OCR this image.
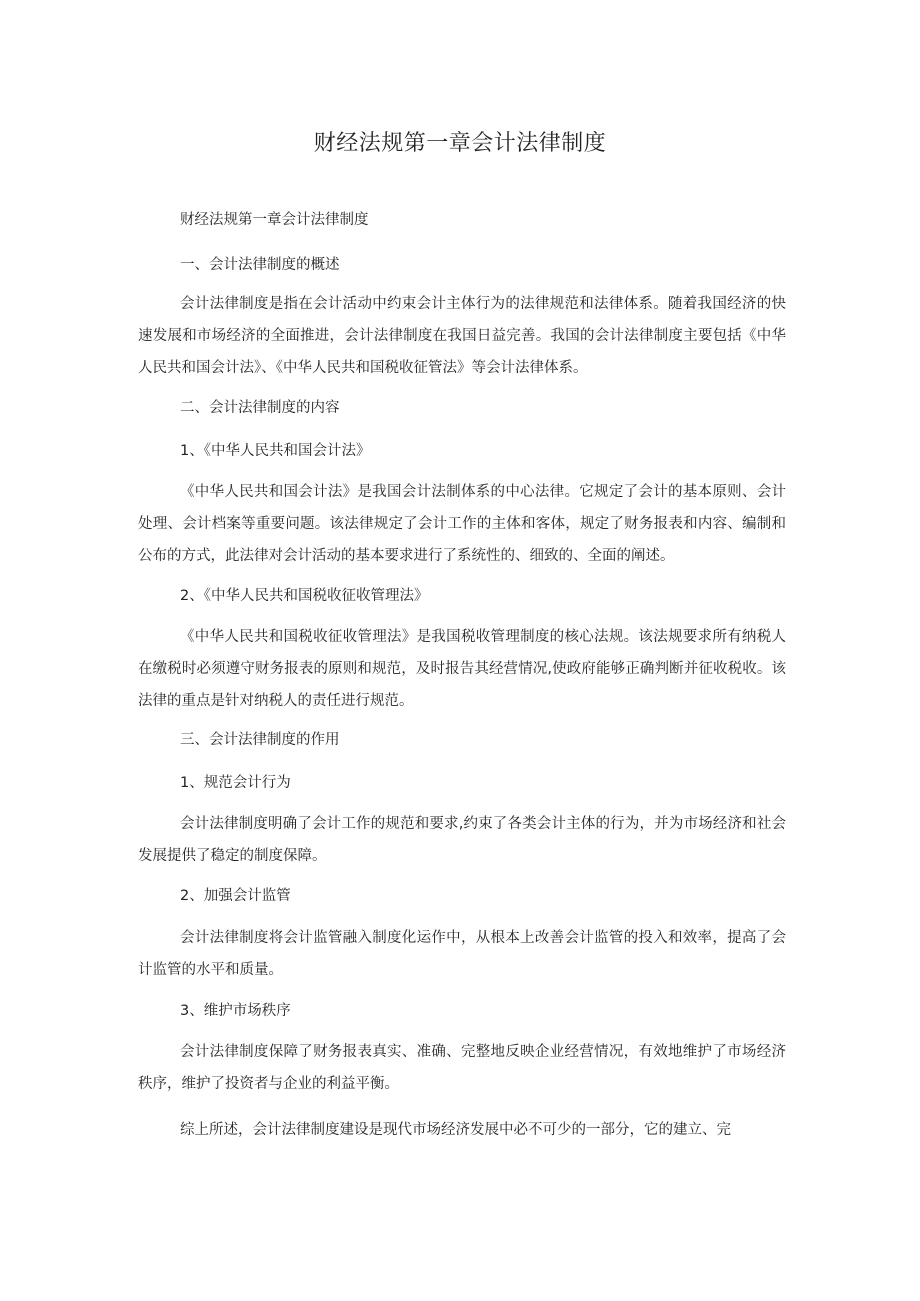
财经法规第一章会计法律制度
财经法规第一章会计法律制度
一、会计法律制度的概述

会计法律制度是指在会计活动中约束会计主体行为的法律规范和法律体系。随着我国经济的快速发展和市场经济的全面推进，会计法律制度在我国日益完善。我国的会计法律制度主要包括《中华人民共和国会计法》、《中华人民共和国税收征管法》等会计法律体系。

二、会计法律制度的内容
1、《中华人民共和国会计法》

《中华人民共和国会计法》是我国会计法制体系的中心法律。它规定了会计的基本原则、会计处理、会计档案等重要问题。该法律规定了会计工作的主体和客体，规定了财务报表和内容、编制和公布的方式，此法律对会计活动的基本要求进行了系统性的、细致的、全面的阐述。

2、《中华人民共和国税收征收管理法》

《中华人民共和国税收征收管理法》是我国税收管理制度的核心法规。该法规要求所有纳税人在缴税时必须遵守财务报表的原则和规范，及时报告其经营情况,使政府能够正确判断并征收税收。该法律的重点是针对纳税人的责任进行规范。

三、会计法律制度的作用
1、规范会计行为

会计法律制度明确了会计工作的规范和要求,约束了各类会计主体的行为，并为市场经济和社会发展提供了稳定的制度保障。

2、加强会计监管

会计法律制度将会计监管融入制度化运作中，从根本上改善会计监管的投入和效率，提高了会计监管的水平和质量。

3、维护市场秩序

会计法律制度保障了财务报表真实、准确、完整地反映企业经营情况，有效地维护了市场经济秩序，维护了投资者与企业的利益平衡。

综上所述，会计法律制度建设是现代市场经济发展中必不可少的一部分，它的建立、完
